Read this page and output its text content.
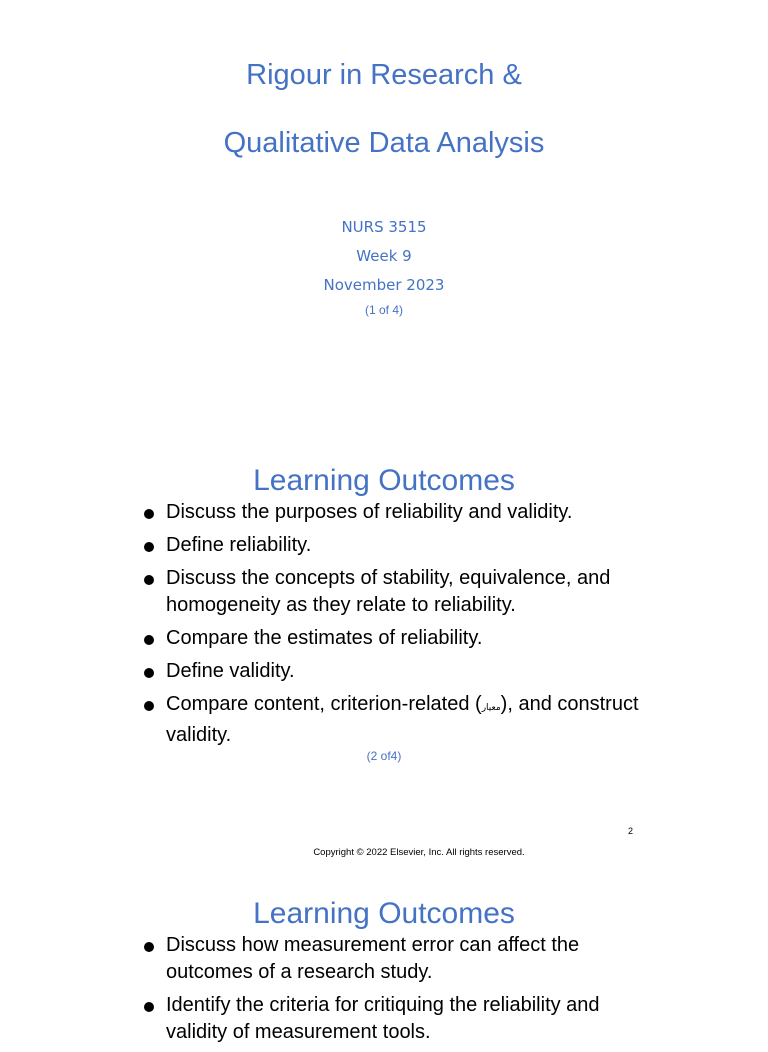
Rigour in Research &
Qualitative Data Analysis
NURS 3515
Week 9
November 2023
(1 of 4)
Learning Outcomes
Discuss the purposes of reliability and validity.
Define reliability.
Discuss the concepts of stability, equivalence, and homogeneity as they relate to reliability.
Compare the estimates of reliability.
Define validity.
Compare content, criterion-related (معيار), and construct validity.
(2 of4)
2
Copyright © 2022 Elsevier, Inc. All rights reserved.
Learning Outcomes
Discuss how measurement error can affect the outcomes of a research study.
Identify the criteria for critiquing the reliability and validity of measurement tools.
